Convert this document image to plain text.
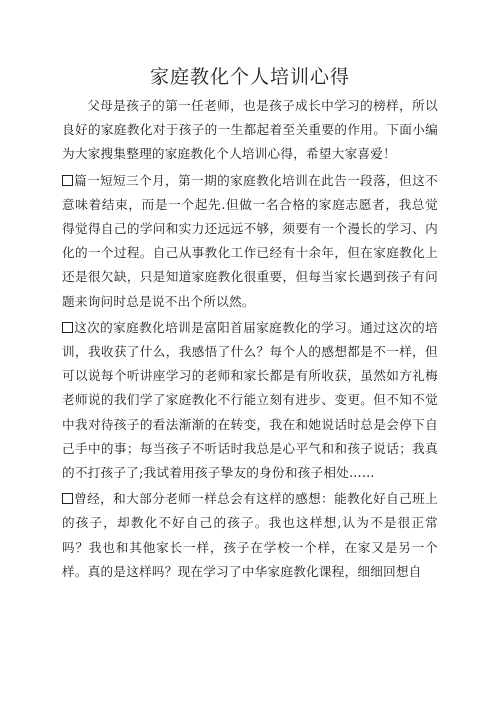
家庭教化个人培训心得

父母是孩子的第一任老师，也是孩子成长中学习的榜样，所以良好的家庭教化对于孩子的一生都起着至关重要的作用。下面小编为大家搜集整理的家庭教化个人培训心得，希望大家喜爱！

篇一短短三个月，第一期的家庭教化培训在此告一段落，但这不意味着结束，而是一个起先.但做一名合格的家庭志愿者，我总觉得觉得自己的学问和实力还远远不够，须要有一个漫长的学习、内化的一个过程。自己从事教化工作已经有十余年，但在家庭教化上还是很欠缺，只是知道家庭教化很重要，但每当家长遇到孩子有问题来询问时总是说不出个所以然。

这次的家庭教化培训是富阳首届家庭教化的学习。通过这次的培训，我收获了什么，我感悟了什么？每个人的感想都是不一样，但可以说每个听讲座学习的老师和家长都是有所收获，虽然如方礼梅老师说的我们学了家庭教化不行能立刻有进步、变更。但不知不觉中我对待孩子的看法渐渐的在转变，我在和她说话时总是会停下自己手中的事；每当孩子不听话时我总是心平气和和孩子说话；我真的不打孩子了;我试着用孩子挚友的身份和孩子相处……

曾经，和大部分老师一样总会有这样的感想：能教化好自己班上的孩子，却教化不好自己的孩子。我也这样想,认为不是很正常吗？我也和其他家长一样，孩子在学校一个样，在家又是另一个样。真的是这样吗？现在学习了中华家庭教化课程，细细回想自
